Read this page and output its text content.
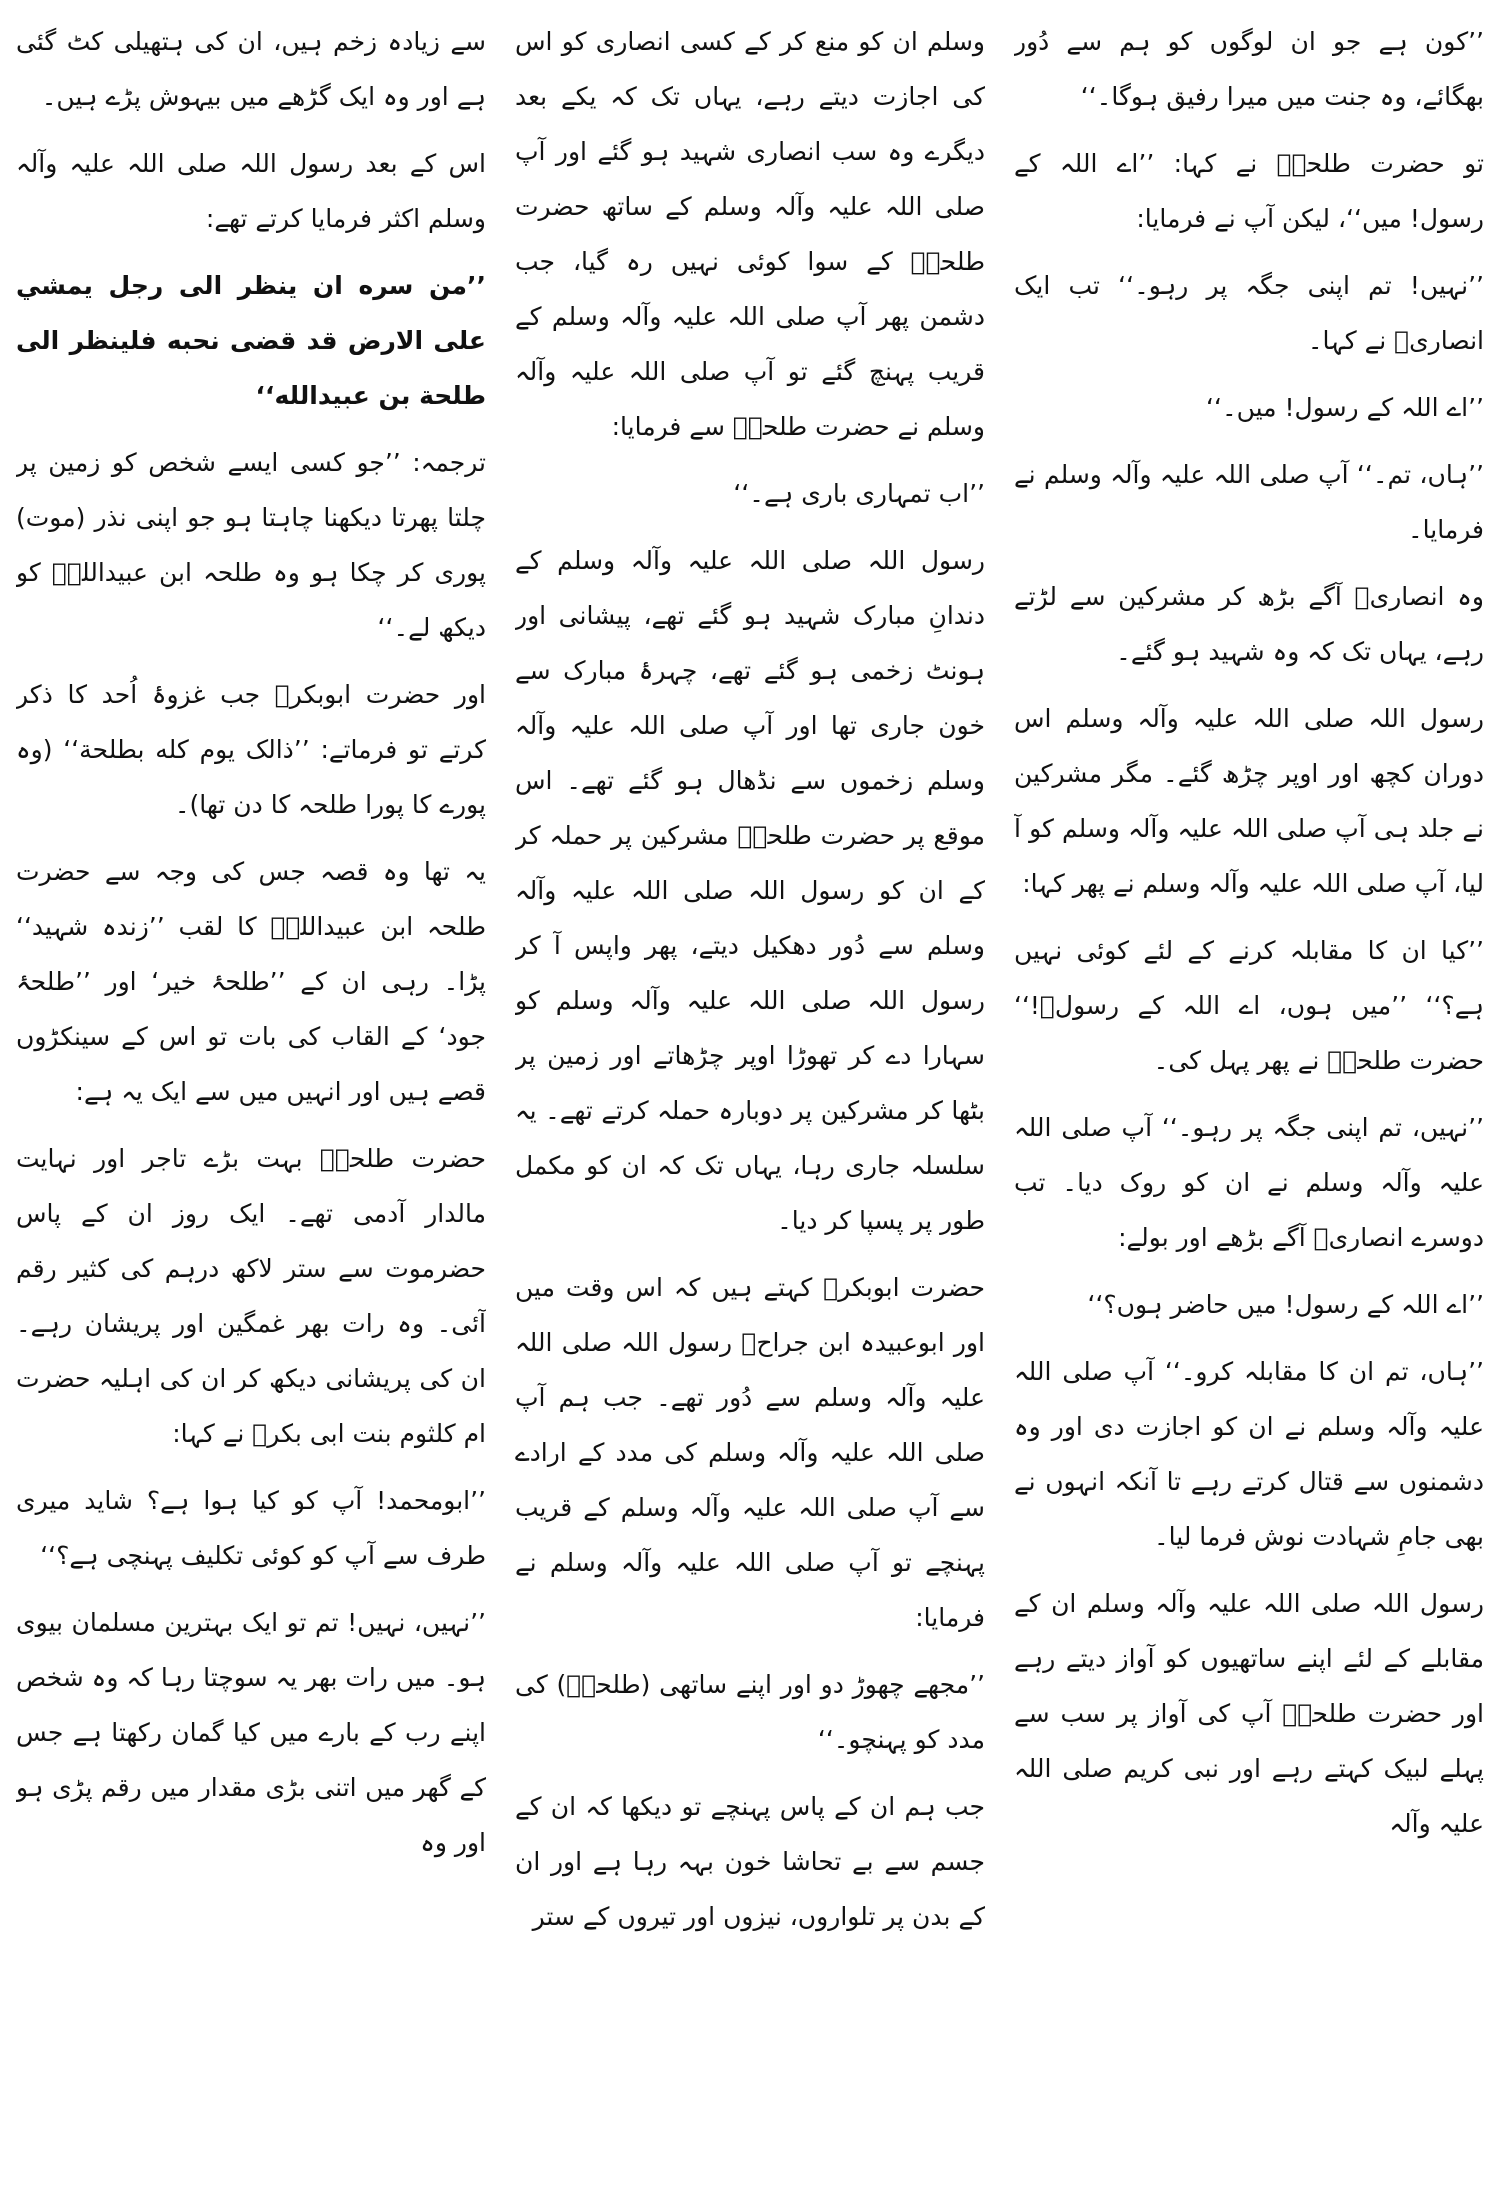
’’کون ہے جو ان لوگوں کو ہم سے دُور بھگائے، وہ جنت میں میرا رفیق ہوگا۔‘‘

تو حضرت طلحہؓ نے کہا: ’’اے اللہ کے رسول! میں‘‘، لیکن آپ نے فرمایا:

’’نہیں! تم اپنی جگہ پر رہو۔‘‘ تب ایک انصاریؓ نے کہا۔

’’اے اللہ کے رسول! میں۔‘‘

’’ہاں، تم۔‘‘ آپ صلی اللہ علیہ وآلہ وسلم نے فرمایا۔

وہ انصاریؓ آگے بڑھ کر مشرکین سے لڑتے رہے، یہاں تک کہ وہ شہید ہو گئے۔

رسول اللہ صلی اللہ علیہ وآلہ وسلم اس دوران کچھ اور اوپر چڑھ گئے۔ مگر مشرکین نے جلد ہی آپ صلی اللہ علیہ وآلہ وسلم کو آ لیا، آپ صلی اللہ علیہ وآلہ وسلم نے پھر کہا:

’’کیا ان کا مقابلہ کرنے کے لئے کوئی نہیں ہے؟‘‘ ’’میں ہوں، اے اللہ کے رسولؐ!‘‘ حضرت طلحہؓ نے پھر پہل کی۔

’’نہیں، تم اپنی جگہ پر رہو۔‘‘ آپ صلی اللہ علیہ وآلہ وسلم نے ان کو روک دیا۔ تب دوسرے انصاریؓ آگے بڑھے اور بولے:

’’اے اللہ کے رسول! میں حاضر ہوں؟‘‘

’’ہاں، تم ان کا مقابلہ کرو۔‘‘ آپ صلی اللہ علیہ وآلہ وسلم نے ان کو اجازت دی اور وہ دشمنوں سے قتال کرتے رہے تا آنکہ انہوں نے بھی جامِ شہادت نوش فرما لیا۔

رسول اللہ صلی اللہ علیہ وآلہ وسلم ان کے مقابلے کے لئے اپنے ساتھیوں کو آواز دیتے رہے اور حضرت طلحہؓ آپ کی آواز پر سب سے پہلے لبیک کہتے رہے اور نبی کریم صلی اللہ علیہ وآلہ

وسلم ان کو منع کر کے کسی انصاری کو اس کی اجازت دیتے رہے، یہاں تک کہ یکے بعد دیگرے وہ سب انصاری شہید ہو گئے اور آپ صلی اللہ علیہ وآلہ وسلم کے ساتھ حضرت طلحہؓ کے سوا کوئی نہیں رہ گیا، جب دشمن پھر آپ صلی اللہ علیہ وآلہ وسلم کے قریب پہنچ گئے تو آپ صلی اللہ علیہ وآلہ وسلم نے حضرت طلحہؓ سے فرمایا:

’’اب تمہاری باری ہے۔‘‘

رسول اللہ صلی اللہ علیہ وآلہ وسلم کے دندانِ مبارک شہید ہو گئے تھے، پیشانی اور ہونٹ زخمی ہو گئے تھے، چہرۂ مبارک سے خون جاری تھا اور آپ صلی اللہ علیہ وآلہ وسلم زخموں سے نڈھال ہو گئے تھے۔ اس موقع پر حضرت طلحہؓ مشرکین پر حملہ کر کے ان کو رسول اللہ صلی اللہ علیہ وآلہ وسلم سے دُور دھکیل دیتے، پھر واپس آ کر رسول اللہ صلی اللہ علیہ وآلہ وسلم کو سہارا دے کر تھوڑا اوپر چڑھاتے اور زمین پر بٹھا کر مشرکین پر دوبارہ حملہ کرتے تھے۔ یہ سلسلہ جاری رہا، یہاں تک کہ ان کو مکمل طور پر پسپا کر دیا۔

حضرت ابوبکرؓ کہتے ہیں کہ اس وقت میں اور ابوعبیدہ ابن جراحؓ رسول اللہ صلی اللہ علیہ وآلہ وسلم سے دُور تھے۔ جب ہم آپ صلی اللہ علیہ وآلہ وسلم کی مدد کے ارادے سے آپ صلی اللہ علیہ وآلہ وسلم کے قریب پہنچے تو آپ صلی اللہ علیہ وآلہ وسلم نے فرمایا:

’’مجھے چھوڑ دو اور اپنے ساتھی (طلحہؓ) کی مدد کو پہنچو۔‘‘

جب ہم ان کے پاس پہنچے تو دیکھا کہ ان کے جسم سے بے تحاشا خون بہہ رہا ہے اور ان کے بدن پر تلواروں، نیزوں اور تیروں کے ستر

سے زیادہ زخم ہیں، ان کی ہتھیلی کٹ گئی ہے اور وہ ایک گڑھے میں بیہوش پڑے ہیں۔

اس کے بعد رسول اللہ صلی اللہ علیہ وآلہ وسلم اکثر فرمایا کرتے تھے:

’’من سره ان ينظر الى رجل يمشي على الارض قد قضى نحبه فلينظر الى طلحة بن عبيدالله‘‘

ترجمہ: ’’جو کسی ایسے شخص کو زمین پر چلتا پھرتا دیکھنا چاہتا ہو جو اپنی نذر (موت) پوری کر چکا ہو وہ طلحہ ابن عبیداللہؓ کو دیکھ لے۔‘‘

اور حضرت ابوبکرؓ جب غزوۂ اُحد کا ذکر کرتے تو فرماتے: ’’ذالک یوم کله بطلحة‘‘ (وہ پورے کا پورا طلحہ کا دن تھا)۔

یہ تھا وہ قصہ جس کی وجہ سے حضرت طلحہ ابن عبیداللہؓ کا لقب ’’زندہ شہید‘‘ پڑا۔ رہی ان کے ’’طلحۂ خیر‘ اور ’’طلحۂ جود‘ کے القاب کی بات تو اس کے سینکڑوں قصے ہیں اور انہیں میں سے ایک یہ ہے:

حضرت طلحہؓ بہت بڑے تاجر اور نہایت مالدار آدمی تھے۔ ایک روز ان کے پاس حضرموت سے ستر لاکھ درہم کی کثیر رقم آئی۔ وہ رات بھر غمگین اور پریشان رہے۔ ان کی پریشانی دیکھ کر ان کی اہلیہ حضرت ام کلثوم بنت ابی بکرؓ نے کہا:

’’ابومحمد! آپ کو کیا ہوا ہے؟ شاید میری طرف سے آپ کو کوئی تکلیف پہنچی ہے؟‘‘

’’نہیں، نہیں! تم تو ایک بہترین مسلمان بیوی ہو۔ میں رات بھر یہ سوچتا رہا کہ وہ شخص اپنے رب کے بارے میں کیا گمان رکھتا ہے جس کے گھر میں اتنی بڑی مقدار میں رقم پڑی ہو اور وہ
